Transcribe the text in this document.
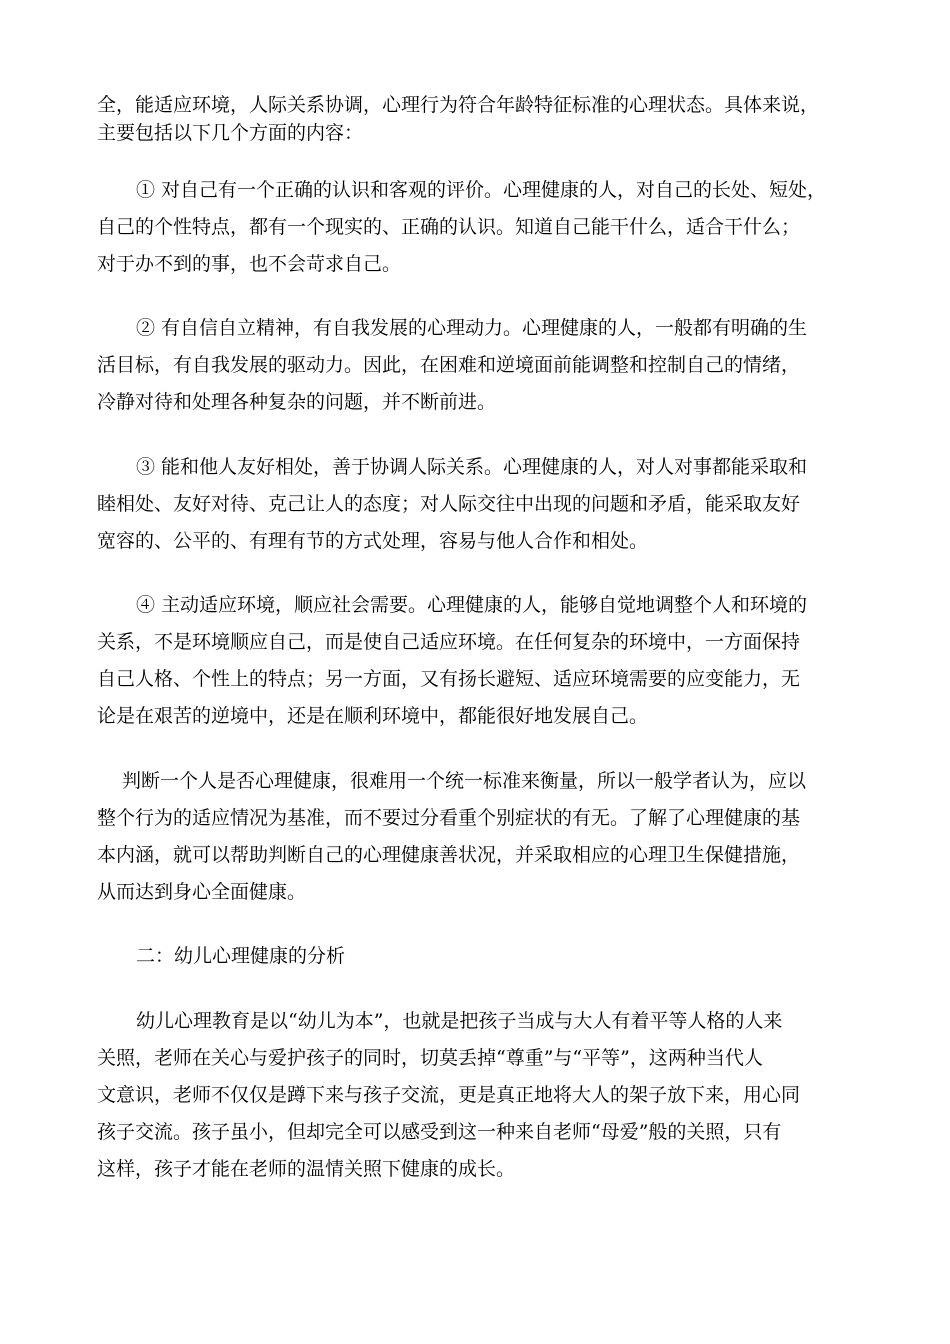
全，能适应环境，人际关系协调，心理行为符合年龄特征标准的心理状态。具体来说，

主要包括以下几个方面的内容：

① 对自己有一个正确的认识和客观的评价。心理健康的人，对自己的长处、短处，

自己的个性特点，都有一个现实的、正确的认识。知道自己能干什么，适合干什么；

对于办不到的事，也不会苛求自己。

② 有自信自立精神，有自我发展的心理动力。心理健康的人，一般都有明确的生

活目标，有自我发展的驱动力。因此，在困难和逆境面前能调整和控制自己的情绪，

冷静对待和处理各种复杂的问题，并不断前进。

③ 能和他人友好相处，善于协调人际关系。心理健康的人，对人对事都能采取和

睦相处、友好对待、克己让人的态度；对人际交往中出现的问题和矛盾，能采取友好

宽容的、公平的、有理有节的方式处理，容易与他人合作和相处。

④ 主动适应环境，顺应社会需要。心理健康的人，能够自觉地调整个人和环境的

关系，不是环境顺应自己，而是使自己适应环境。在任何复杂的环境中，一方面保持

自己人格、个性上的特点；另一方面，又有扬长避短、适应环境需要的应变能力，无

论是在艰苦的逆境中，还是在顺利环境中，都能很好地发展自己。

判断一个人是否心理健康，很难用一个统一标准来衡量，所以一般学者认为，应以

整个行为的适应情况为基准，而不要过分看重个别症状的有无。了解了心理健康的基

本内涵，就可以帮助判断自己的心理健康善状况，并采取相应的心理卫生保健措施，

从而达到身心全面健康。

二：幼儿心理健康的分析

幼儿心理教育是以“幼儿为本”，也就是把孩子当成与大人有着平等人格的人来

关照，老师在关心与爱护孩子的同时，切莫丢掉“尊重”与“平等”，这两种当代人

文意识，老师不仅仅是蹲下来与孩子交流，更是真正地将大人的架子放下来，用心同

孩子交流。孩子虽小，但却完全可以感受到这一种来自老师“母爱”般的关照，只有

这样，孩子才能在老师的温情关照下健康的成长。
